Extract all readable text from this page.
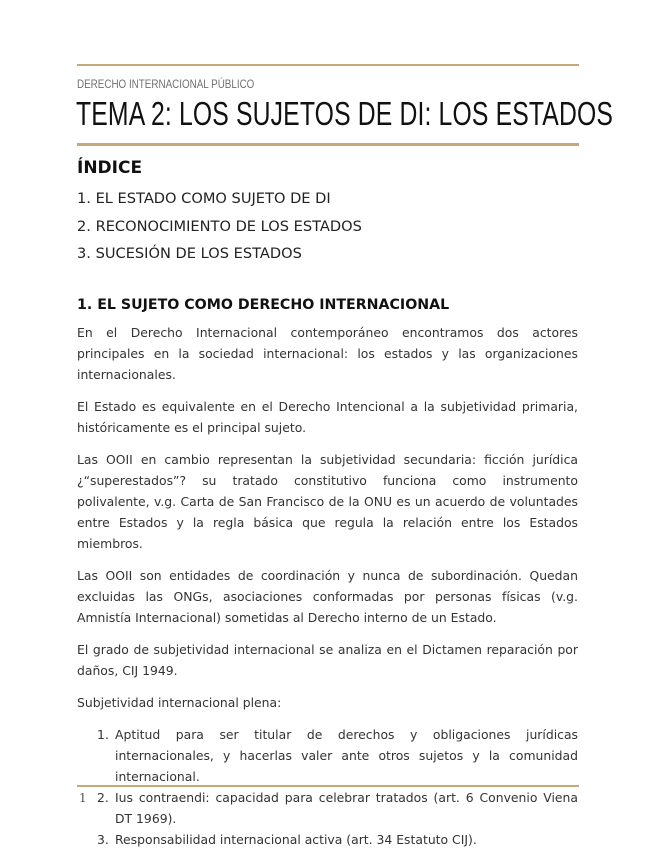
DERECHO INTERNACIONAL PÚBLICO
TEMA 2: LOS SUJETOS DE DI: LOS ESTADOS
ÍNDICE
1. EL ESTADO COMO SUJETO DE DI
2. RECONOCIMIENTO DE LOS ESTADOS
3. SUCESIÓN DE LOS ESTADOS
1. EL SUJETO COMO DERECHO INTERNACIONAL

En el Derecho Internacional contemporáneo encontramos dos actores principales en la sociedad internacional: los estados y las organizaciones internacionales.

El Estado es equivalente en el Derecho Intencional a la subjetividad primaria, históricamente es el principal sujeto.

Las OOII en cambio representan la subjetividad secundaria: ficción jurídica ¿“superestados”? su tratado constitutivo funciona como instrumento polivalente, v.g. Carta de San Francisco de la ONU es un acuerdo de voluntades entre Estados y la regla básica que regula la relación entre los Estados miembros.

Las OOII son entidades de coordinación y nunca de subordinación. Quedan excluidas las ONGs, asociaciones conformadas por personas físicas (v.g. Amnistía Internacional) sometidas al Derecho interno de un Estado.

El grado de subjetividad internacional se analiza en el Dictamen reparación por daños, CIJ 1949.

Subjetividad internacional plena:

1. Aptitud para ser titular de derechos y obligaciones jurídicas internacionales, y hacerlas valer ante otros sujetos y la comunidad internacional.
2. Ius contraendi: capacidad para celebrar tratados (art. 6 Convenio Viena DT 1969).
3. Responsabilidad internacional activa (art. 34 Estatuto CIJ).
1
